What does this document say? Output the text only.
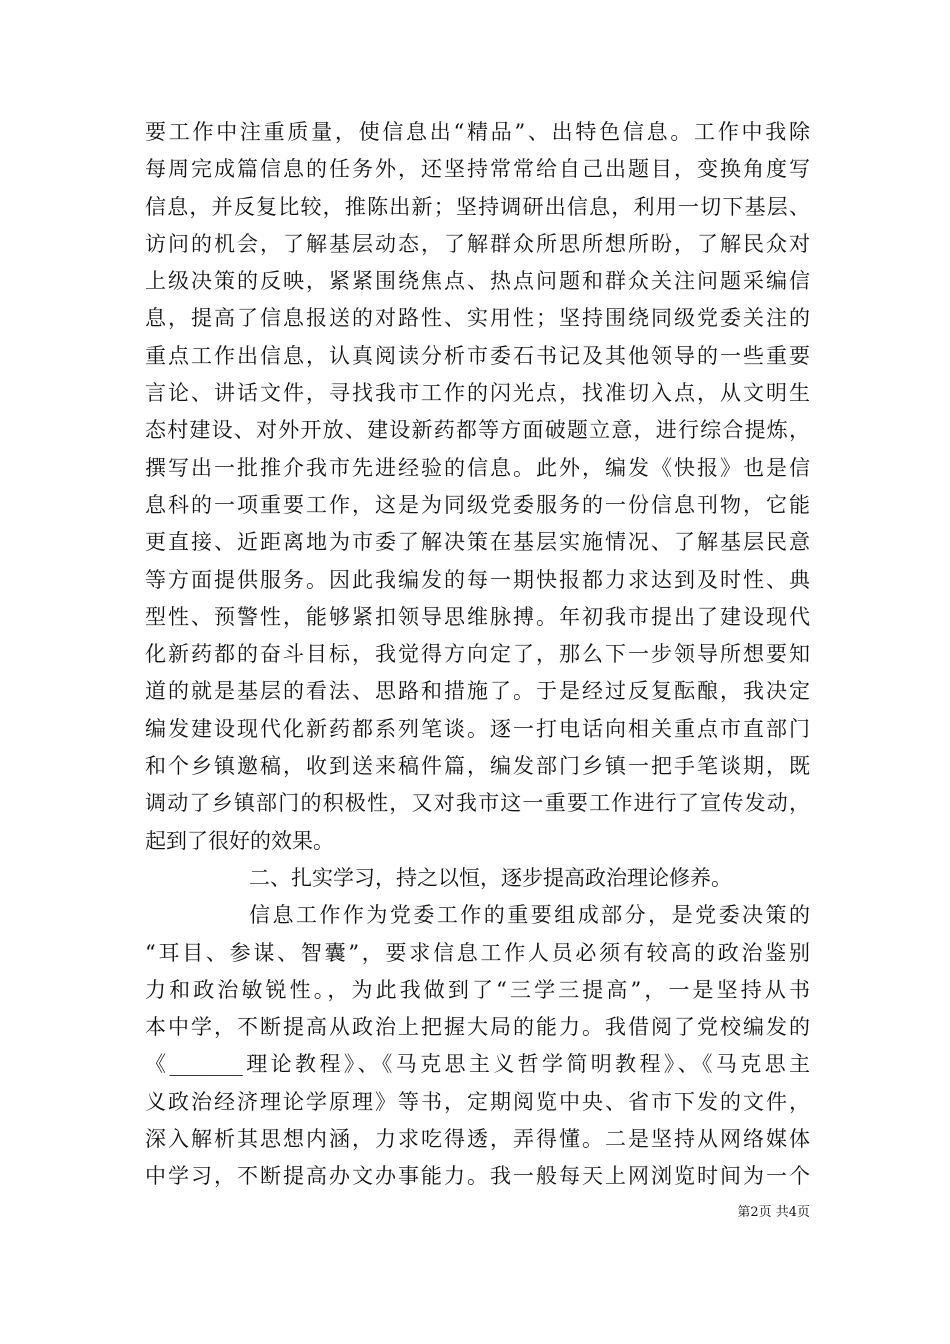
要工作中注重质量，使信息出“精品”、出特色信息。工作中我除
每周完成篇信息的任务外，还坚持常常给自己出题目，变换角度写
信息，并反复比较，推陈出新；坚持调研出信息，利用一切下基层、
访问的机会，了解基层动态，了解群众所思所想所盼，了解民众对
上级决策的反映，紧紧围绕焦点、热点问题和群众关注问题采编信
息，提高了信息报送的对路性、实用性；坚持围绕同级党委关注的
重点工作出信息，认真阅读分析市委石书记及其他领导的一些重要
言论、讲话文件，寻找我市工作的闪光点，找准切入点，从文明生
态村建设、对外开放、建设新药都等方面破题立意，进行综合提炼，
撰写出一批推介我市先进经验的信息。此外，编发《快报》也是信
息科的一项重要工作，这是为同级党委服务的一份信息刊物，它能
更直接、近距离地为市委了解决策在基层实施情况、了解基层民意
等方面提供服务。因此我编发的每一期快报都力求达到及时性、典
型性、预警性，能够紧扣领导思维脉搏。年初我市提出了建设现代
化新药都的奋斗目标，我觉得方向定了，那么下一步领导所想要知
道的就是基层的看法、思路和措施了。于是经过反复酝酿，我决定
编发建设现代化新药都系列笔谈。逐一打电话向相关重点市直部门
和个乡镇邀稿，收到送来稿件篇，编发部门乡镇一把手笔谈期，既
调动了乡镇部门的积极性，又对我市这一重要工作进行了宣传发动，
起到了很好的效果。
二、扎实学习，持之以恒，逐步提高政治理论修养。
信息工作作为党委工作的重要组成部分，是党委决策的
“耳目、参谋、智囊”，要求信息工作人员必须有较高的政治鉴别
力和政治敏锐性。，为此我做到了“三学三提高”，一是坚持从书
本中学，不断提高从政治上把握大局的能力。我借阅了党校编发的
《_______理论教程》、《马克思主义哲学简明教程》、《马克思主
义政治经济理论学原理》等书，定期阅览中央、省市下发的文件，
深入解析其思想内涵，力求吃得透，弄得懂。二是坚持从网络媒体
中学习，不断提高办文办事能力。我一般每天上网浏览时间为一个
第2页 共4页
